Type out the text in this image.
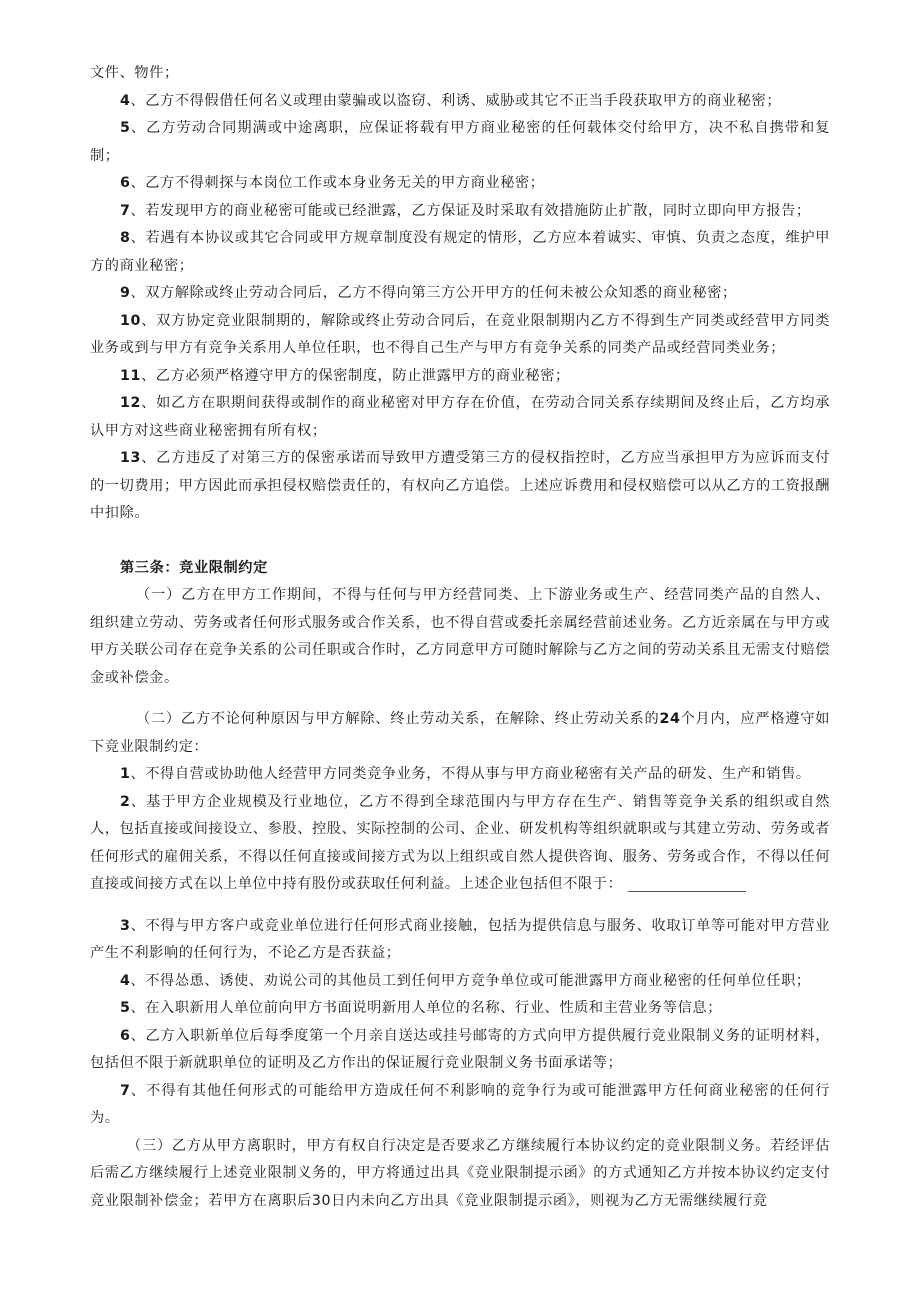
文件、物件；

4、乙方不得假借任何名义或理由蒙骗或以盗窃、利诱、威胁或其它不正当手段获取甲方的商业秘密；

5、乙方劳动合同期满或中途离职，应保证将载有甲方商业秘密的任何载体交付给甲方，决不私自携带和复制；

6、乙方不得刺探与本岗位工作或本身业务无关的甲方商业秘密；

7、若发现甲方的商业秘密可能或已经泄露，乙方保证及时采取有效措施防止扩散，同时立即向甲方报告；

8、若遇有本协议或其它合同或甲方规章制度没有规定的情形，乙方应本着诚实、审慎、负责之态度，维护甲方的商业秘密；

9、双方解除或终止劳动合同后，乙方不得向第三方公开甲方的任何未被公众知悉的商业秘密；

10、双方协定竞业限制期的，解除或终止劳动合同后，在竞业限制期内乙方不得到生产同类或经营甲方同类业务或到与甲方有竞争关系用人单位任职，也不得自己生产与甲方有竞争关系的同类产品或经营同类业务；

11、乙方必须严格遵守甲方的保密制度，防止泄露甲方的商业秘密；

12、如乙方在职期间获得或制作的商业秘密对甲方存在价值，在劳动合同关系存续期间及终止后，乙方均承认甲方对这些商业秘密拥有所有权；

13、乙方违反了对第三方的保密承诺而导致甲方遭受第三方的侵权指控时，乙方应当承担甲方为应诉而支付的一切费用；甲方因此而承担侵权赔偿责任的，有权向乙方追偿。上述应诉费用和侵权赔偿可以从乙方的工资报酬中扣除。

第三条：竞业限制约定

（一）乙方在甲方工作期间，不得与任何与甲方经营同类、上下游业务或生产、经营同类产品的自然人、组织建立劳动、劳务或者任何形式服务或合作关系，也不得自营或委托亲属经营前述业务。乙方近亲属在与甲方或甲方关联公司存在竞争关系的公司任职或合作时，乙方同意甲方可随时解除与乙方之间的劳动关系且无需支付赔偿金或补偿金。

（二）乙方不论何种原因与甲方解除、终止劳动关系，在解除、终止劳动关系的24个月内，应严格遵守如下竞业限制约定：

1、不得自营或协助他人经营甲方同类竞争业务，不得从事与甲方商业秘密有关产品的研发、生产和销售。

2、基于甲方企业规模及行业地位，乙方不得到全球范围内与甲方存在生产、销售等竞争关系的组织或自然人，包括直接或间接设立、参股、控股、实际控制的公司、企业、研发机构等组织就职或与其建立劳动、劳务或者任何形式的雇佣关系，不得以任何直接或间接方式为以上组织或自然人提供咨询、服务、劳务或合作，不得以任何直接或间接方式在以上单位中持有股份或获取任何利益。上述企业包括但不限于：

3、不得与甲方客户或竞业单位进行任何形式商业接触，包括为提供信息与服务、收取订单等可能对甲方营业产生不利影响的任何行为，不论乙方是否获益；

4、不得怂恿、诱使、劝说公司的其他员工到任何甲方竞争单位或可能泄露甲方商业秘密的任何单位任职；

5、在入职新用人单位前向甲方书面说明新用人单位的名称、行业、性质和主营业务等信息；

6、乙方入职新单位后每季度第一个月亲自送达或挂号邮寄的方式向甲方提供履行竞业限制义务的证明材料，包括但不限于新就职单位的证明及乙方作出的保证履行竞业限制义务书面承诺等；

7、不得有其他任何形式的可能给甲方造成任何不利影响的竞争行为或可能泄露甲方任何商业秘密的任何行为。

（三）乙方从甲方离职时，甲方有权自行决定是否要求乙方继续履行本协议约定的竞业限制义务。若经评估后需乙方继续履行上述竞业限制义务的，甲方将通过出具《竞业限制提示函》的方式通知乙方并按本协议约定支付竞业限制补偿金；若甲方在离职后30日内未向乙方出具《竞业限制提示函》，则视为乙方无需继续履行竞
